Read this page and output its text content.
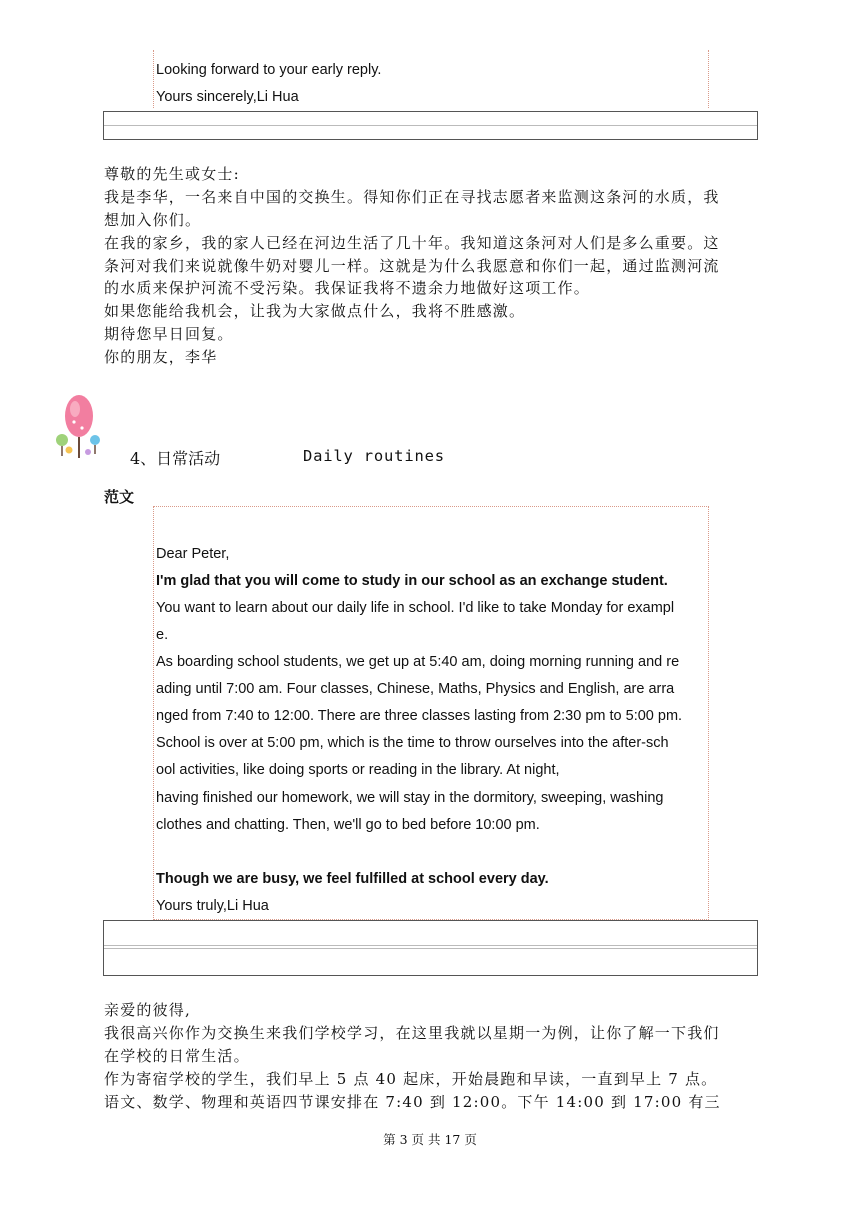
Looking forward to your early reply.
Yours sincerely,Li Hua
尊敬的先生或女士:
我是李华，一名来自中国的交换生。得知你们正在寻找志愿者来监测这条河的水质，我
想加入你们。
在我的家乡，我的家人已经在河边生活了几十年。我知道这条河对人们是多么重要。这
条河对我们来说就像牛奶对婴儿一样。这就是为什么我愿意和你们一起，通过监测河流
的水质来保护河流不受污染。我保证我将不遗余力地做好这项工作。
如果您能给我机会，让我为大家做点什么，我将不胜感激。
期待您早日回复。
你的朋友，李华
4、日常活动	Daily routines
范文
Dear Peter,
I'm glad that you will come to study in our school as an exchange student.
You want to learn about our daily life in school. I'd like to take Monday for exampl
e.
As boarding school students, we get up at 5:40 am, doing morning running and re
ading until 7:00 am. Four classes, Chinese, Maths, Physics and English, are arra
nged from 7:40 to 12:00. There are three classes lasting from 2:30 pm to 5:00 pm.
School is over at 5:00 pm, which is the time to throw ourselves into the after-sch
ool activities, like doing sports or reading in the library. At night,
having finished our homework, we will stay in the dormitory, sweeping, washing
clothes and chatting. Then, we'll go to bed before 10:00 pm.
Though we are busy, we feel fulfilled at school every day.
Yours truly,Li Hua
亲爱的彼得,
我很高兴你作为交换生来我们学校学习，在这里我就以星期一为例，让你了解一下我们
在学校的日常生活。
作为寄宿学校的学生，我们早上 5 点 40 起床，开始晨跑和早读，一直到早上 7 点。
语文、数学、物理和英语四节课安排在 7:40 到 12:00。下午 14:00 到 17:00 有三
第 3 页 共 17 页
